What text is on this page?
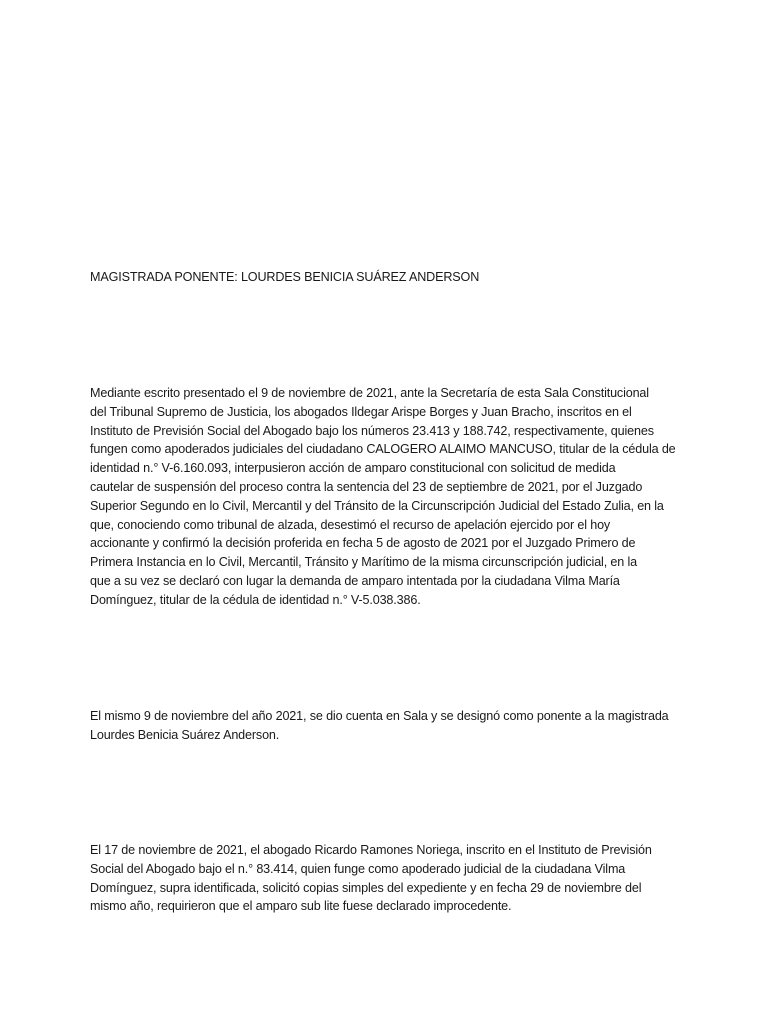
MAGISTRADA PONENTE: LOURDES BENICIA SUÁREZ ANDERSON

Mediante escrito presentado el 9 de noviembre de 2021, ante la Secretaría de esta Sala Constitucional
del Tribunal Supremo de Justicia, los abogados Ildegar Arispe Borges y Juan Bracho, inscritos en el
Instituto de Previsión Social del Abogado bajo los números 23.413 y 188.742, respectivamente, quienes
fungen como apoderados judiciales del ciudadano CALOGERO ALAIMO MANCUSO, titular de la cédula de
identidad n.° V-6.160.093, interpusieron acción de amparo constitucional con solicitud de medida
cautelar de suspensión del proceso contra la sentencia del 23 de septiembre de 2021, por el Juzgado
Superior Segundo en lo Civil, Mercantil y del Tránsito de la Circunscripción Judicial del Estado Zulia, en la
que, conociendo como tribunal de alzada, desestimó el recurso de apelación ejercido por el hoy
accionante y confirmó la decisión proferida en fecha 5 de agosto de 2021 por el Juzgado Primero de
Primera Instancia en lo Civil, Mercantil, Tránsito y Marítimo de la misma circunscripción judicial, en la
que a su vez se declaró con lugar la demanda de amparo intentada por la ciudadana Vilma María
Domínguez, titular de la cédula de identidad n.° V-5.038.386.

El mismo 9 de noviembre del año 2021, se dio cuenta en Sala y se designó como ponente a la magistrada
Lourdes Benicia Suárez Anderson.

El 17 de noviembre de 2021, el abogado Ricardo Ramones Noriega, inscrito en el Instituto de Previsión
Social del Abogado bajo el n.° 83.414, quien funge como apoderado judicial de la ciudadana Vilma
Domínguez, supra identificada, solicitó copias simples del expediente y en fecha 29 de noviembre del
mismo año, requirieron que el amparo sub lite fuese declarado improcedente.
